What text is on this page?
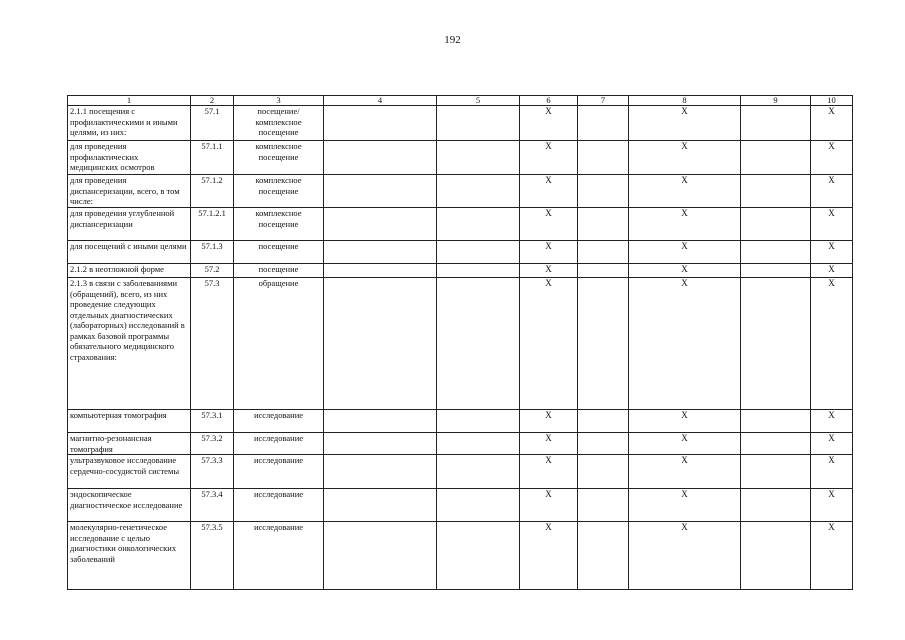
192
1	2	3	4	5	6	7	8	9	10
2.1.1 посещения с профилактическими и иными целями, из них:	57.1	посещение/ комплексное посещение			X		X		X
для проведения профилактических медицинских осмотров	57.1.1	комплексное посещение			X		X		X
для проведения диспансеризации, всего, в том числе:	57.1.2	комплексное посещение			X		X		X
для проведения углубленной диспансеризации	57.1.2.1	комплексное посещение			X		X		X
для посещений с иными целями	57.1.3	посещение			X		X		X
2.1.2 в неотложной форме	57.2	посещение			X		X		X
2.1.3 в связи с заболеваниями (обращений), всего, из них проведение следующих отдельных диагностических (лабораторных) исследований в рамках базовой программы обязательного медицинского страхования:	57.3	обращение			X		X		X
компьютерная томография	57.3.1	исследование			X		X		X
магнитно-резонансная томография	57.3.2	исследование			X		X		X
ультразвуковое исследование сердечно-сосудистой системы	57.3.3	исследование			X		X		X
эндоскопическое диагностическое исследование	57.3.4	исследование			X		X		X
молекулярно-генетическое исследование с целью диагностики онкологических заболеваний	57.3.5	исследование			X		X		X
